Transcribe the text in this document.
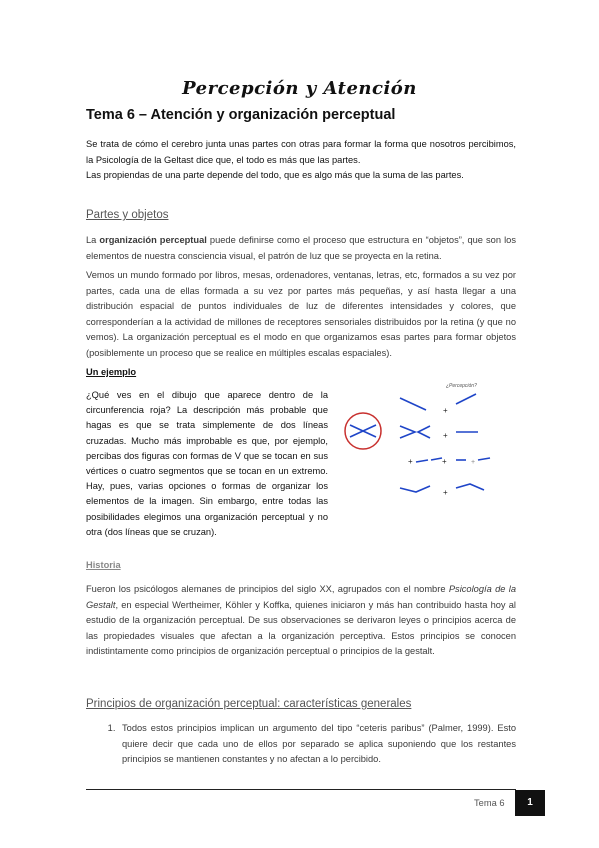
Percepción y Atención
Tema 6 – Atención y organización perceptual

Se trata de cómo el cerebro junta unas partes con otras para formar la forma que nosotros percibimos, la Psicología de la Geltast dice que, el todo es más que las partes.

Las propiendas de una parte depende del todo, que es algo más que la suma de las partes.

Partes y objetos
La organización perceptual puede definirse como el proceso que estructura en “objetos”, que son los elementos de nuestra consciencia visual, el patrón de luz que se proyecta en la retina.
Vemos un mundo formado por libros, mesas, ordenadores, ventanas, letras, etc, formados a su vez por partes, cada una de ellas formada a su vez por partes más pequeñas, y así hasta llegar a una distribución espacial de puntos individuales de luz de diferentes intensidades y colores, que corresponderían a la actividad de millones de receptores sensoriales distribuidos por la retina (y que no vemos). La organización perceptual es el modo en que organizamos esas partes para formar objetos (posiblemente un proceso que se realice en múltiples escalas espaciales).
Un ejemplo
¿Qué ves en el dibujo que aparece dentro de la circunferencia roja? La descripción más probable que hagas es que se trata simplemente de dos líneas cruzadas. Mucho más improbable es que, por ejemplo, percibas dos figuras con formas de V que se tocan en sus vértices o cuatro segmentos que se tocan en un extremo. Hay, pues, varias opciones o formas de organizar los elementos de la imagen. Sin embargo, entre todas las posibilidades elegimos una organización perceptual y no otra (dos líneas que se cruzan).
¿Percepción?
+
+
+	+	+
+
Historia
Fueron los psicólogos alemanes de principios del siglo XX, agrupados con el nombre Psicología de la Gestalt, en especial Wertheimer, Köhler y Koffka, quienes iniciaron y más han contribuido hasta hoy al estudio de la organización perceptual. De sus observaciones se derivaron leyes o principios acerca de las propiedades visuales que afectan a la organización perceptiva. Estos principios se conocen indistintamente como principios de organización perceptual o principios de la gestalt.
Principios de organización perceptual: características generales
1. Todos estos principios implican un argumento del tipo “ceteris paribus” (Palmer, 1999). Esto quiere decir que cada uno de ellos por separado se aplica suponiendo que los restantes principios se mantienen constantes y no afectan a lo percibido.
Tema 6	1
